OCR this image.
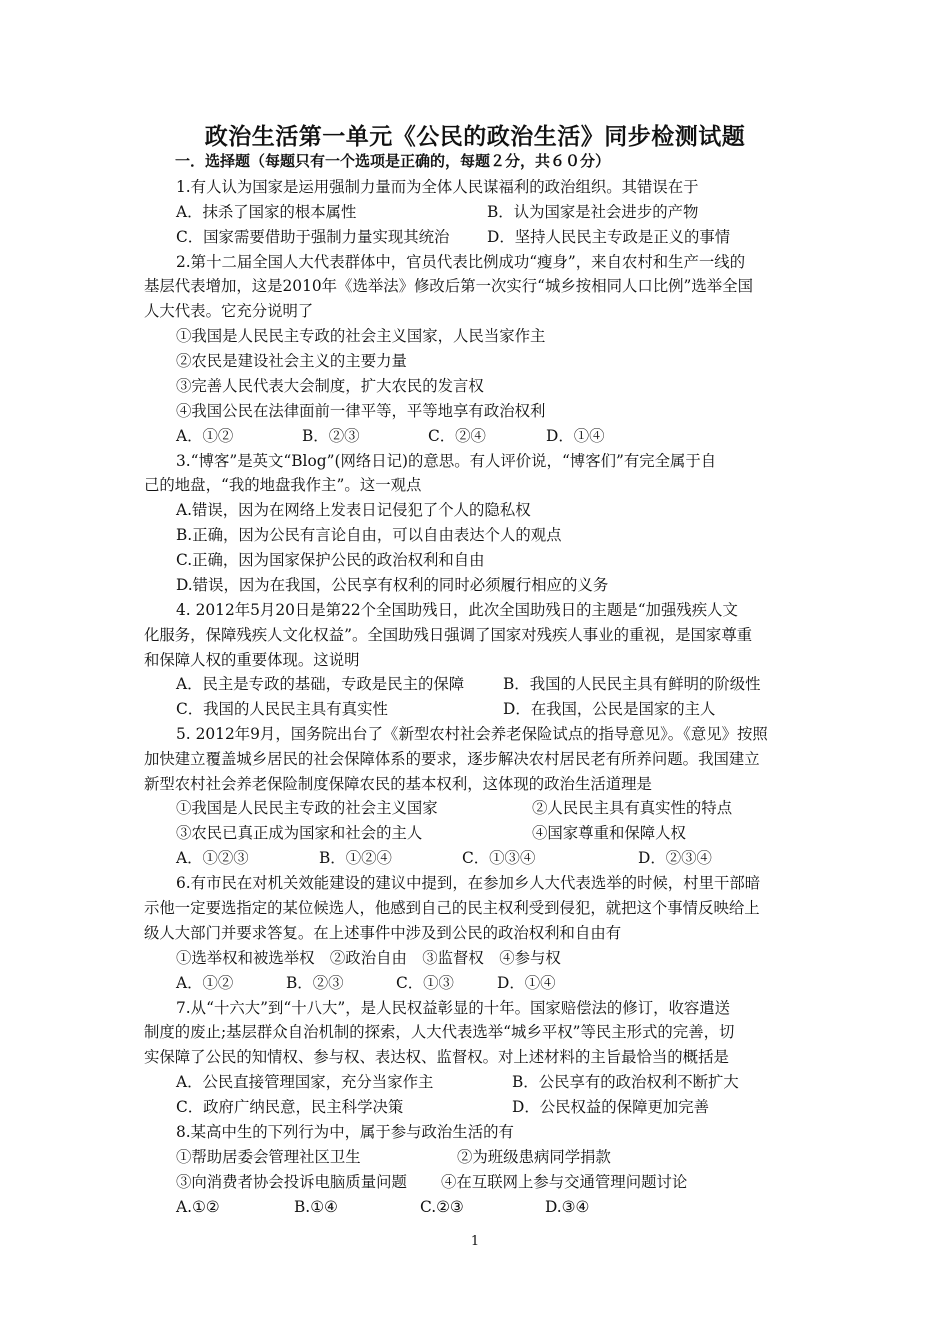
政治生活第一单元《公民的政治生活》同步检测试题
一．选择题（每题只有一个选项是正确的，每题２分，共６０分）
1.有人认为国家是运用强制力量而为全体人民谋福利的政治组织。其错误在于
A．抹杀了国家的根本属性	B．认为国家是社会进步的产物
C．国家需要借助于强制力量实现其统治 D．坚持人民民主专政是正义的事情
2.第十二届全国人大代表群体中，官员代表比例成功“瘦身”，来自农村和生产一线的
基层代表增加，这是2010年《选举法》修改后第一次实行“城乡按相同人口比例”选举全国
人大代表。它充分说明了
①我国是人民民主专政的社会主义国家，人民当家作主
②农民是建设社会主义的主要力量
③完善人民代表大会制度，扩大农民的发言权
④我国公民在法律面前一律平等，平等地享有政治权利
A．①②	B．②③	C．②④	D．①④
3.“博客”是英文“Blog”(网络日记)的意思。有人评价说，“博客们”有完全属于自
己的地盘，“我的地盘我作主”。这一观点
A.错误，因为在网络上发表日记侵犯了个人的隐私权
B.正确，因为公民有言论自由，可以自由表达个人的观点
C.正确，因为国家保护公民的政治权利和自由
D.错误，因为在我国，公民享有权利的同时必须履行相应的义务
4. 2012年5月20日是第22个全国助残日，此次全国助残日的主题是“加强残疾人文
化服务，保障残疾人文化权益”。全国助残日强调了国家对残疾人事业的重视，是国家尊重
和保障人权的重要体现。这说明
A．民主是专政的基础，专政是民主的保障	B．我国的人民民主具有鲜明的阶级性
C．我国的人民民主具有真实性	D．在我国，公民是国家的主人
5. 2012年9月，国务院出台了《新型农村社会养老保险试点的指导意见》。《意见》按照
加快建立覆盖城乡居民的社会保障体系的要求，逐步解决农村居民老有所养问题。我国建立
新型农村社会养老保险制度保障农民的基本权利，这体现的政治生活道理是
①我国是人民民主专政的社会主义国家	②人民民主具有真实性的特点
③农民已真正成为国家和社会的主人	④国家尊重和保障人权
A．①②③	B．①②④	C．①③④	D．②③④
6.有市民在对机关效能建设的建议中提到，在参加乡人大代表选举的时候，村里干部暗
示他一定要选指定的某位候选人，他感到自己的民主权利受到侵犯，就把这个事情反映给上
级人大部门并要求答复。在上述事件中涉及到公民的政治权利和自由有
①选举权和被选举权　②政治自由　③监督权　④参与权
A．①②	B．②③	C．①③	D．①④
7.从“十六大”到“十八大”，是人民权益彰显的十年。国家赔偿法的修订，收容遣送
制度的废止;基层群众自治机制的探索，人大代表选举“城乡平权”等民主形式的完善，切
实保障了公民的知情权、参与权、表达权、监督权。对上述材料的主旨最恰当的概括是
A．公民直接管理国家，充分当家作主	B．公民享有的政治权利不断扩大
C．政府广纳民意，民主科学决策	D．公民权益的保障更加完善
8.某高中生的下列行为中，属于参与政治生活的有
①帮助居委会管理社区卫生	②为班级患病同学捐款
③向消费者协会投诉电脑质量问题 ④在互联网上参与交通管理问题讨论
A.①②	B.①④	C.②③	D.③④
1
